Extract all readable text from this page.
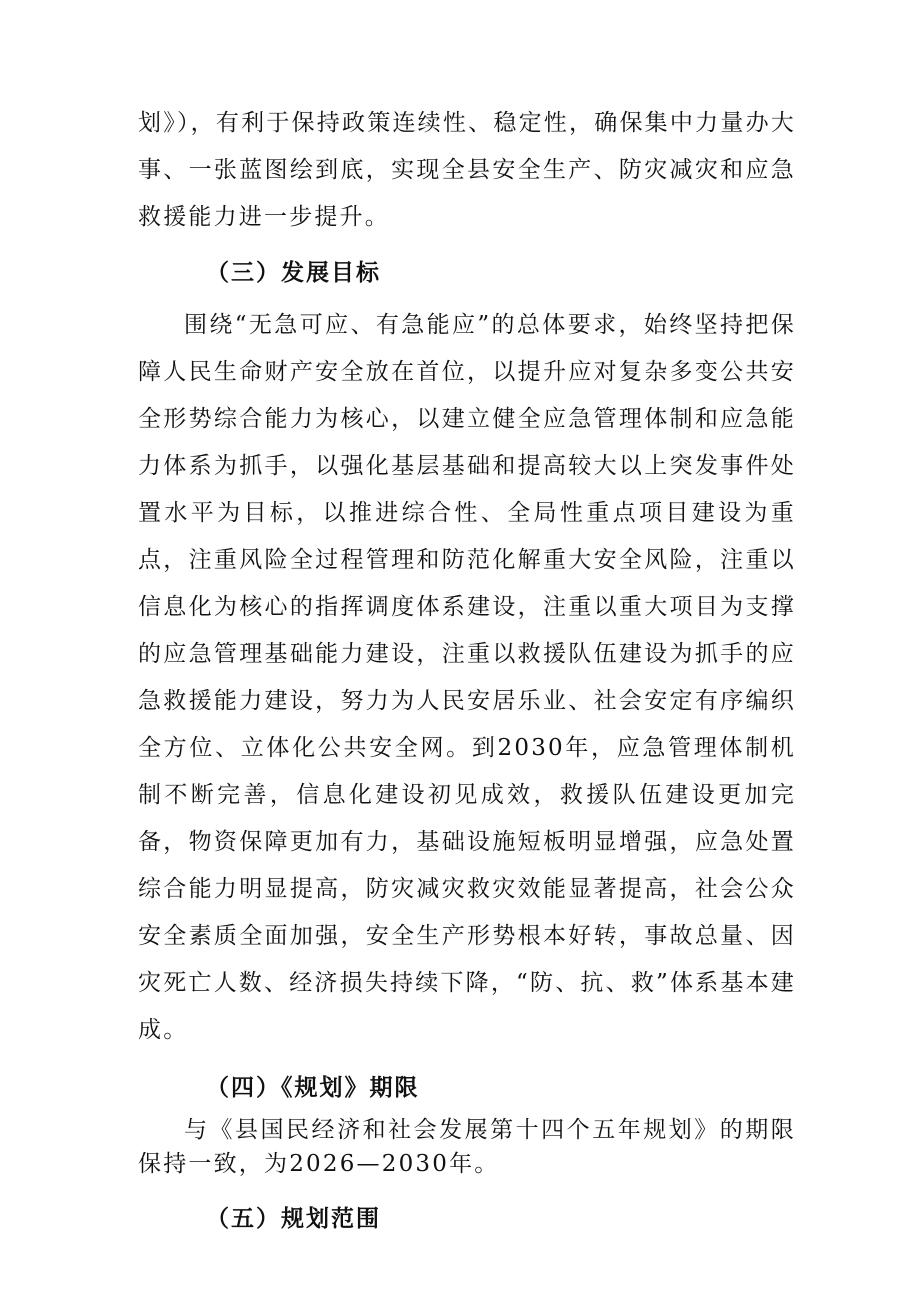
划》），有利于保持政策连续性、稳定性，确保集中力量办大事、一张蓝图绘到底，实现全县安全生产、防灾减灾和应急救援能力进一步提升。

（三）发展目标

围绕“无急可应、有急能应”的总体要求，始终坚持把保障人民生命财产安全放在首位，以提升应对复杂多变公共安全形势综合能力为核心，以建立健全应急管理体制和应急能力体系为抓手，以强化基层基础和提高较大以上突发事件处置水平为目标，以推进综合性、全局性重点项目建设为重点，注重风险全过程管理和防范化解重大安全风险，注重以信息化为核心的指挥调度体系建设，注重以重大项目为支撑的应急管理基础能力建设，注重以救援队伍建设为抓手的应急救援能力建设，努力为人民安居乐业、社会安定有序编织全方位、立体化公共安全网。到2030年，应急管理体制机制不断完善，信息化建设初见成效，救援队伍建设更加完备，物资保障更加有力，基础设施短板明显增强，应急处置综合能力明显提高，防灾减灾救灾效能显著提高，社会公众安全素质全面加强，安全生产形势根本好转，事故总量、因灾死亡人数、经济损失持续下降，“防、抗、救”体系基本建成。

（四）《规划》期限

与《县国民经济和社会发展第十四个五年规划》的期限保持一致，为2026—2030年。

（五）规划范围
